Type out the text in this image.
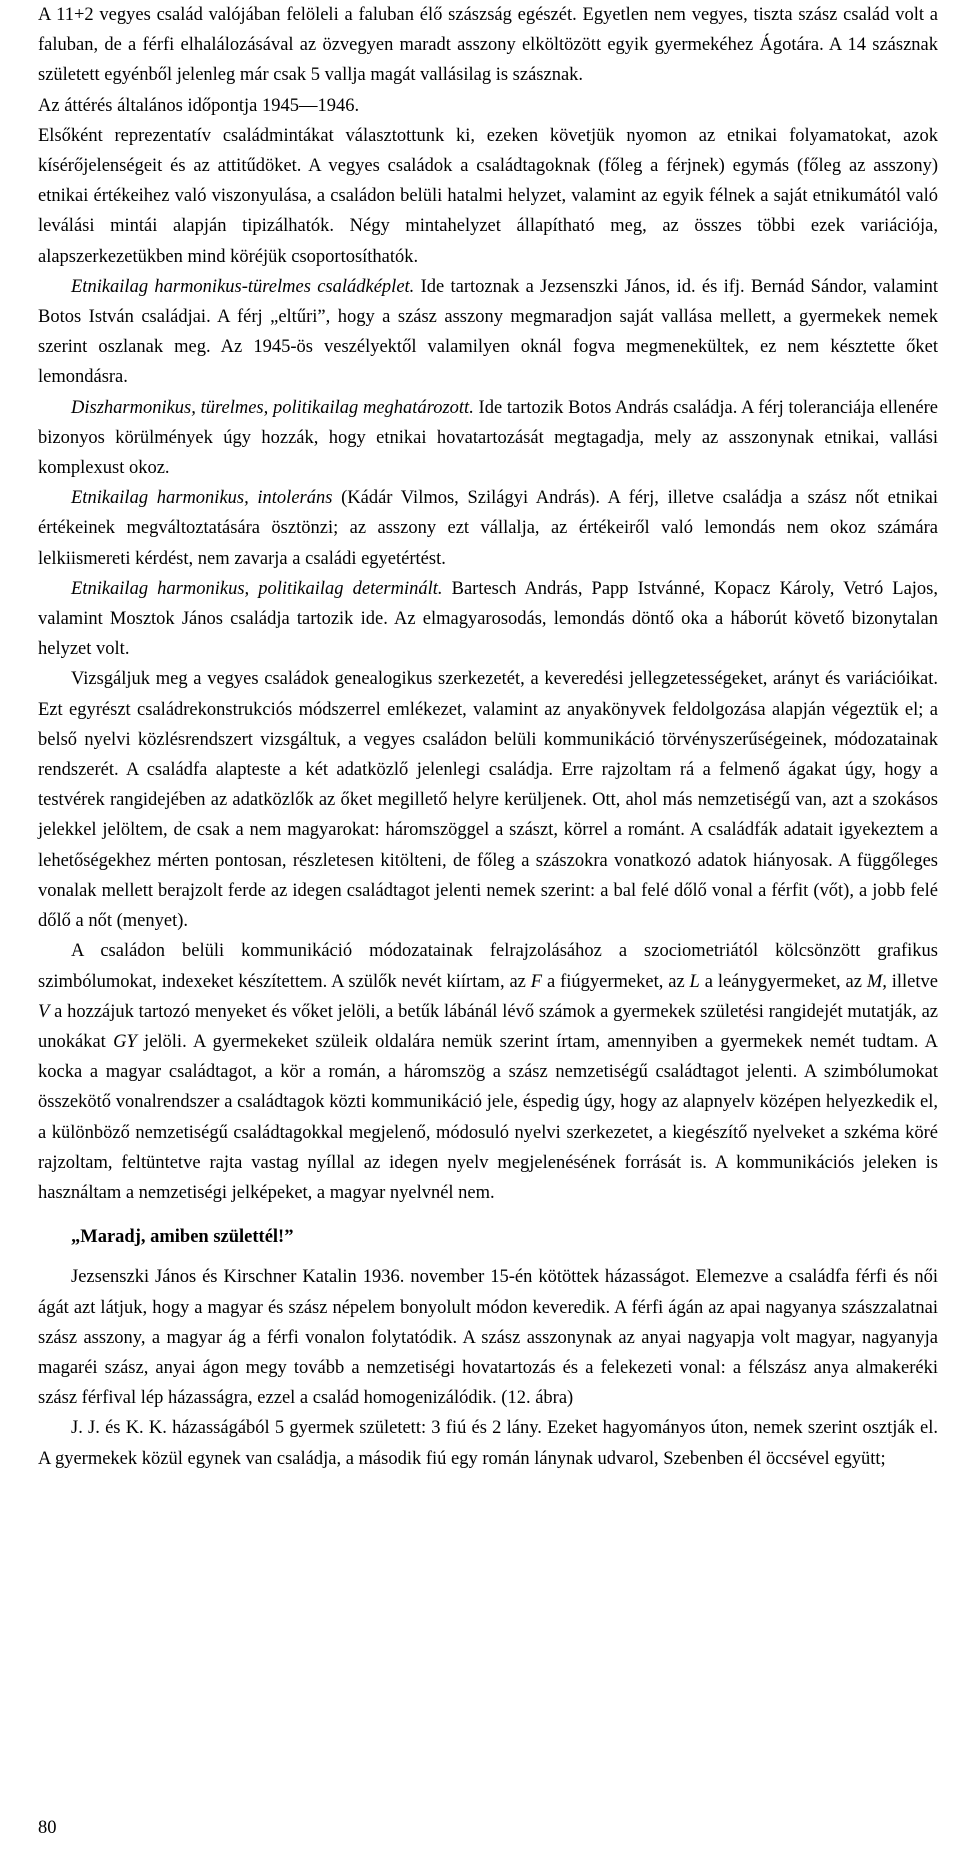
A 11+2 vegyes család valójában felöleli a faluban élő szászság egészét. Egyetlen nem vegyes, tiszta szász család volt a faluban, de a férfi elhalálozásával az özvegyen maradt asszony elköltözött egyik gyermekéhez Ágotára. A 14 szásznak született egyénből jelenleg már csak 5 vallja magát vallásilag is szásznak.

Az áttérés általános időpontja 1945—1946.

Elsőként reprezentatív családmintákat választottunk ki, ezeken követjük nyomon az etnikai folyamatokat, azok kísérőjelenségeit és az attitűdöket. A vegyes családok a családtagoknak (főleg a férjnek) egymás (főleg az asszony) etnikai értékeihez való viszonyulása, a családon belüli hatalmi helyzet, valamint az egyik félnek a saját etnikumától való leválási mintái alapján tipizálhatók. Négy mintahelyzet állapítható meg, az összes többi ezek variációja, alapszerkezetükben mind köréjük csoportosíthatók.

Etnikailag harmonikus-türelmes családképlet. Ide tartoznak a Jezsenszki János, id. és ifj. Bernád Sándor, valamint Botos István családjai. A férj „eltűri”, hogy a szász asszony megmaradjon saját vallása mellett, a gyermekek nemek szerint oszlanak meg. Az 1945-ös veszélyektől valamilyen oknál fogva megmenekültek, ez nem késztette őket lemondásra.

Diszharmonikus, türelmes, politikailag meghatározott. Ide tartozik Botos András családja. A férj toleranciája ellenére bizonyos körülmények úgy hozzák, hogy etnikai hovatartozását megtagadja, mely az asszonynak etnikai, vallási komplexust okoz.

Etnikailag harmonikus, intoleráns (Kádár Vilmos, Szilágyi András). A férj, illetve családja a szász nőt etnikai értékeinek megváltoztatására ösztönzi; az asszony ezt vállalja, az értékeiről való lemondás nem okoz számára lelkiismereti kérdést, nem zavarja a családi egyetértést.

Etnikailag harmonikus, politikailag determinált. Bartesch András, Papp Istvánné, Kopacz Károly, Vetró Lajos, valamint Mosztok János családja tartozik ide. Az elmagyarosodás, lemondás döntő oka a háborút követő bizonytalan helyzet volt.

Vizsgáljuk meg a vegyes családok genealogikus szerkezetét, a keveredési jellegzetességeket, arányt és variációikat. Ezt egyrészt családrekonstrukciós módszerrel emlékezet, valamint az anyakönyvek feldolgozása alapján végeztük el; a belső nyelvi közlésrendszert vizsgáltuk, a vegyes családon belüli kommunikáció törvényszerűségeinek, módozatainak rendszerét. A családfa alapteste a két adatközlő jelenlegi családja. Erre rajzoltam rá a felmenő ágakat úgy, hogy a testvérek rangidejében az adatközlők az őket megillető helyre kerüljenek. Ott, ahol más nemzetiségű van, azt a szokásos jelekkel jelöltem, de csak a nem magyarokat: háromszöggel a szászt, körrel a románt. A családfák adatait igyekeztem a lehetőségekhez mérten pontosan, részletesen kitölteni, de főleg a szászokra vonatkozó adatok hiányosak. A függőleges vonalak mellett berajzolt ferde az idegen családtagot jelenti nemek szerint: a bal felé dőlő vonal a férfit (vőt), a jobb felé dőlő a nőt (menyet).

A családon belüli kommunikáció módozatainak felrajzolásához a szociometriától kölcsönzött grafikus szimbólumokat, indexeket készítettem. A szülők nevét kiírtam, az F a fiúgyermeket, az L a leánygyermeket, az M, illetve V a hozzájuk tartozó menyeket és vőket jelöli, a betűk lábánál lévő számok a gyermekek születési rangidejét mutatják, az unokákat GY jelöli. A gyermekeket szüleik oldalára nemük szerint írtam, amennyiben a gyermekek nemét tudtam. A kocka a magyar családtagot, a kör a román, a háromszög a szász nemzetiségű családtagot jelenti. A szimbólumokat összekötő vonalrendszer a családtagok közti kommunikáció jele, éspedig úgy, hogy az alapnyelv középen helyezkedik el, a különböző nemzetiségű családtagokkal megjelenő, módosuló nyelvi szerkezetet, a kiegészítő nyelveket a szkéma köré rajzoltam, feltüntetve rajta vastag nyíllal az idegen nyelv megjelenésének forrását is. A kommunikációs jeleken is használtam a nemzetiségi jelképeket, a magyar nyelvnél nem.

„Maradj, amiben születtél!”

Jezsenszki János és Kirschner Katalin 1936. november 15-én kötöttek házasságot. Elemezve a családfa férfi és női ágát azt látjuk, hogy a magyar és szász népelem bonyolult módon keveredik. A férfi ágán az apai nagyanya szászzalatnai szász asszony, a magyar ág a férfi vonalon folytatódik. A szász asszonynak az anyai nagyapja volt magyar, nagyanyja magaréi szász, anyai ágon megy tovább a nemzetiségi hovatartozás és a felekezeti vonal: a félszász anya almakeréki szász férfival lép házasságra, ezzel a család homogenizálódik. (12. ábra)

J. J. és K. K. házasságából 5 gyermek született: 3 fiú és 2 lány. Ezeket hagyományos úton, nemek szerint osztják el. A gyermekek közül egynek van családja, a második fiú egy román lánynak udvarol, Szebenben él öccsével együtt;

80
